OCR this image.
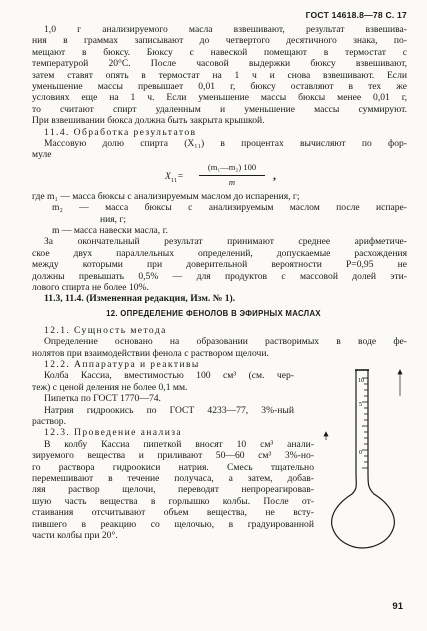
ГОСТ 14618.8—78 С. 17
1,0 г анализируемого масла взвешивают, результат взвешива-
ния в граммах записывают до четвертого десятичного знака, по-
мещают в бюксу. Бюксу с навеской помещают в термостат с
температурой 20°С. После часовой выдержки бюксу взвешивают,
затем ставят опять в термостат на 1 ч и снова взвешивают. Если
уменьшение массы превышает 0,01 г, бюксу оставляют в тех же
условиях еще на 1 ч. Если уменьшение массы бюксы менее 0,01 г,
то считают спирт удаленным и уменьшение массы суммируют.
При взвешивании бюкса должна быть закрыта крышкой.
11.4. Обработка результатов
Массовую долю спирта (X₁₁) в процентах вычисляют по фор-
муле
$X_{11}=$
(m₁—m₂) 100
m	,
где m₁ — масса бюксы с анализируемым маслом до испарения, г;
m₂ — масса бюксы с анализируемым маслом после испаре-
ния, г;
m — масса навески масла, г.
За окончательный результат принимают среднее арифметиче-
ское двух параллельных определений, допускаемые расхождения
между которыми при доверительной вероятности P=0,95 не
должны превышать 0,5% — для продуктов с массовой долей эти-
лового спирта не более 10%.
11.3, 11.4. (Измененная редакция, Изм. № 1).
12. ОПРЕДЕЛЕНИЕ ФЕНОЛОВ В ЭФИРНЫХ МАСЛАХ
12.1. Сущность метода
Определение основано на образовании растворимых в воде фе-
нолятов при взаимодействии фенола с раствором щелочи.
12.2. Аппаратура и реактивы
Колба Кассиа, вместимостью 100 см³ (см. чер-
теж) с ценой деления не более 0,1 мм.
Пипетка по ГОСТ 1770—74.
Натрия гидроокись по ГОСТ 4233—77, 3%-ный
раствор.
12.3. Проведение анализа
В колбу Кассиа пипеткой вносят 10 см³ анали-
зируемого вещества и приливают 50—60 см³ 3%-но-
го раствора гидроокиси натрия. Смесь тщательно
перемешивают в течение получаса, а затем, добав-
10
5
0
91
ляя раствор щелочи, переводят непрореагировав-
шую часть вещества в горлышко колбы. После от-
стаивания отсчитывают объем вещества, не всту-
пившего в реакцию со щелочью, в градуированной
части колбы при 20°.
